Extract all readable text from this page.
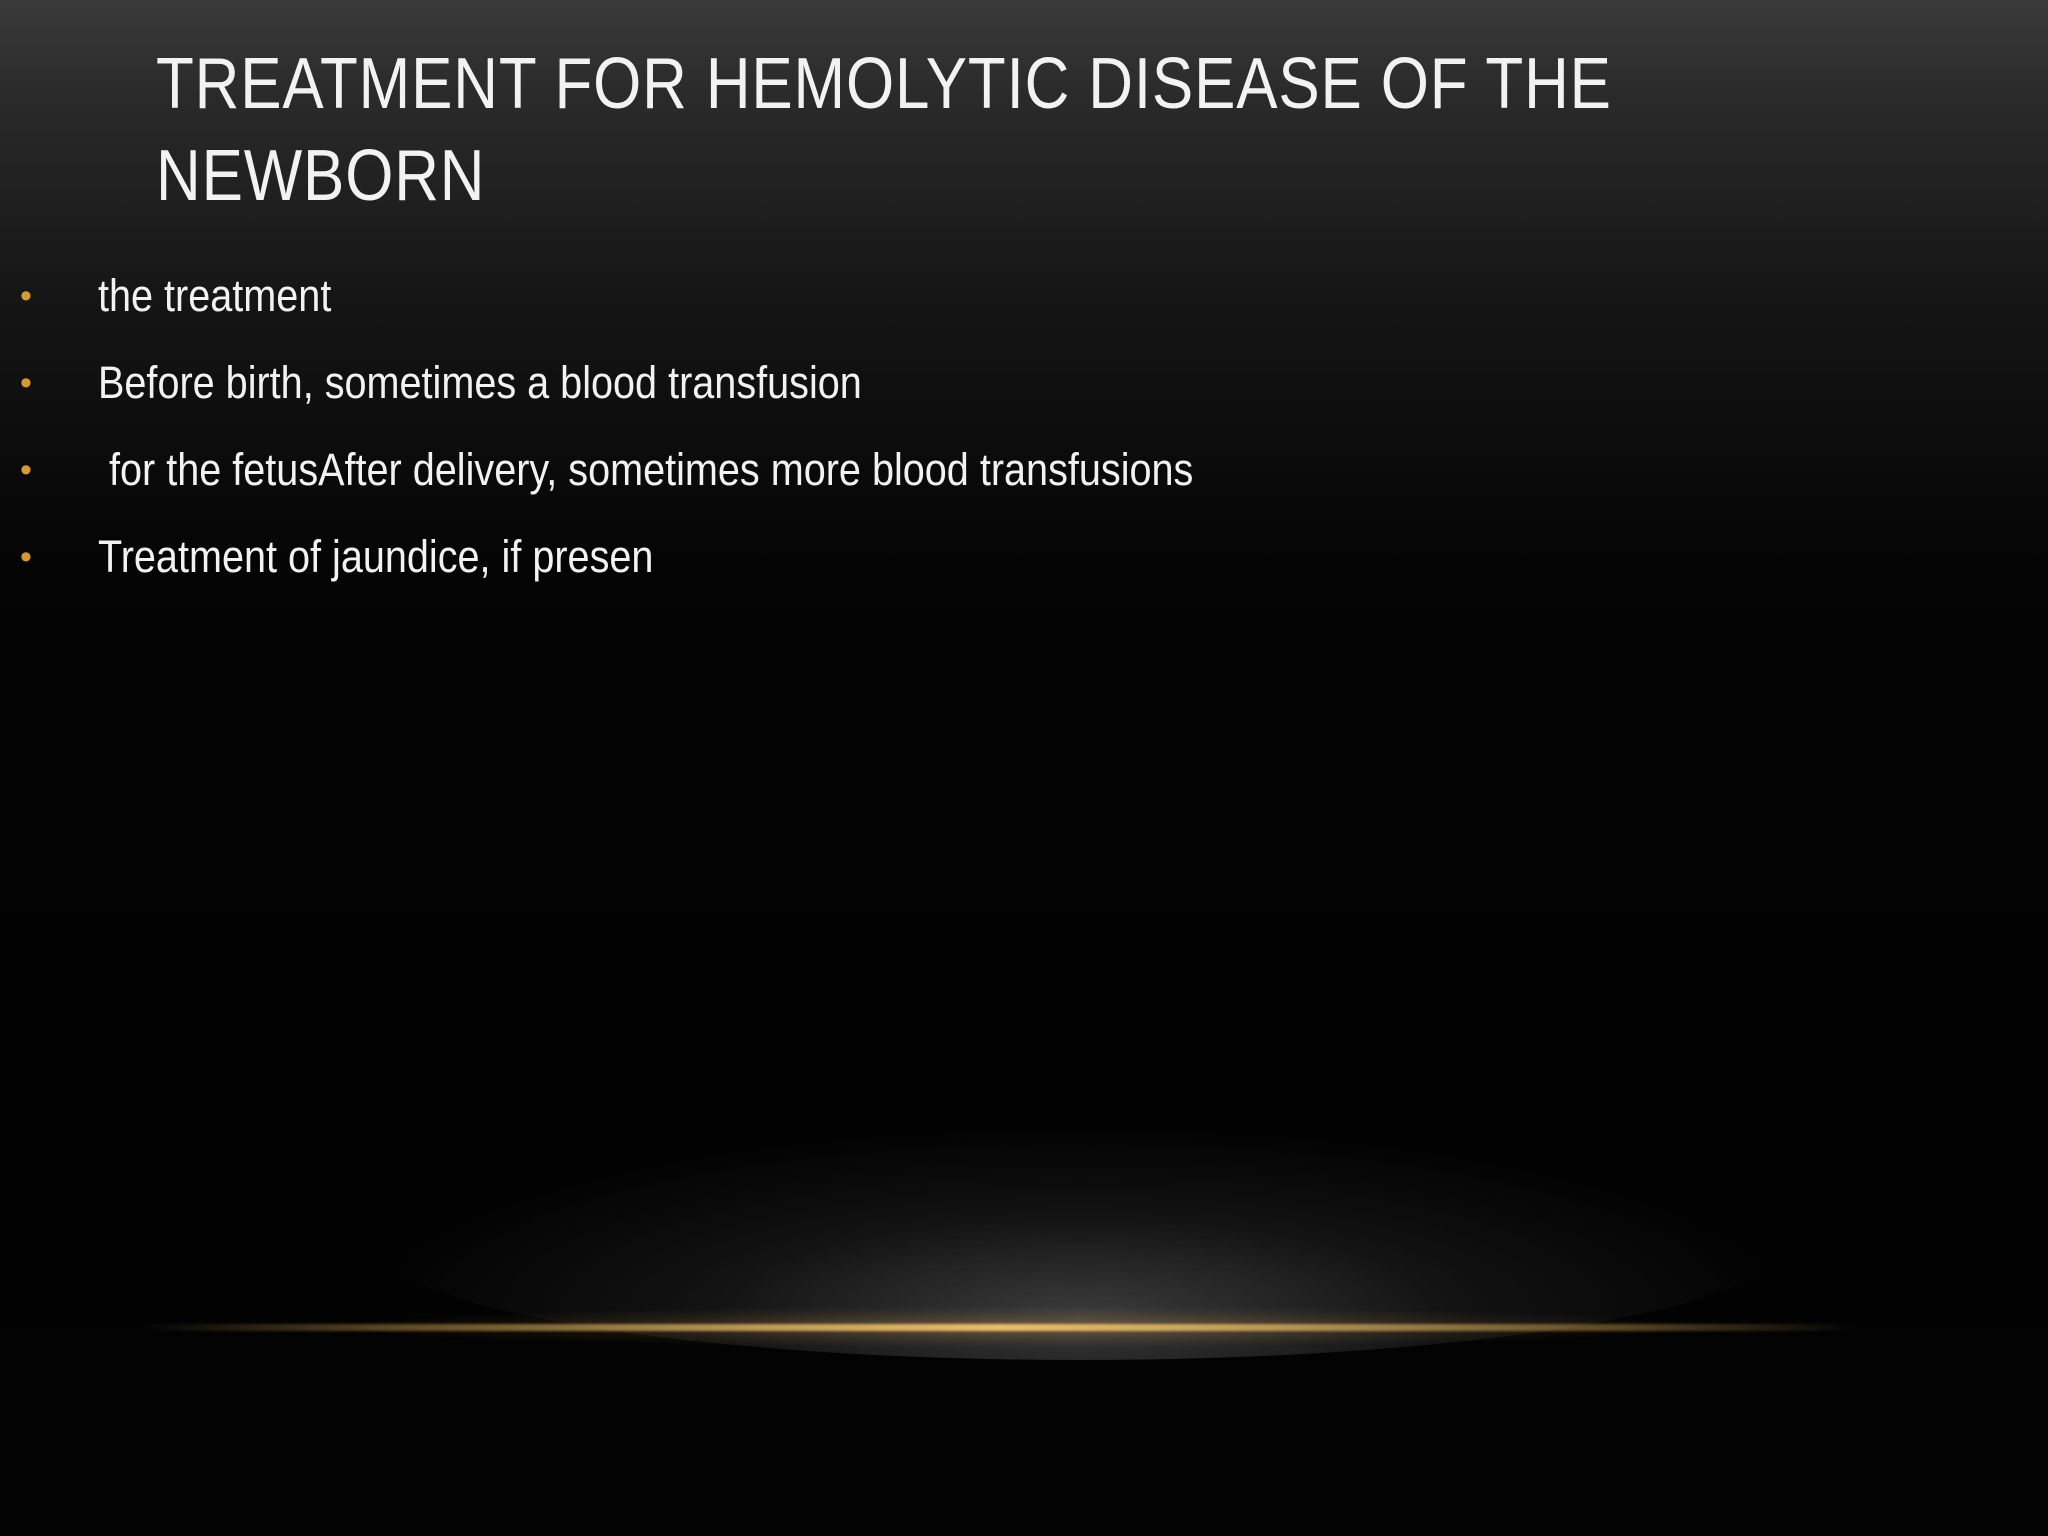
TREATMENT FOR HEMOLYTIC DISEASE OF THE NEWBORN
• the treatment
• Before birth, sometimes a blood transfusion
• for the fetusAfter delivery, sometimes more blood transfusions
• Treatment of jaundice, if presen
